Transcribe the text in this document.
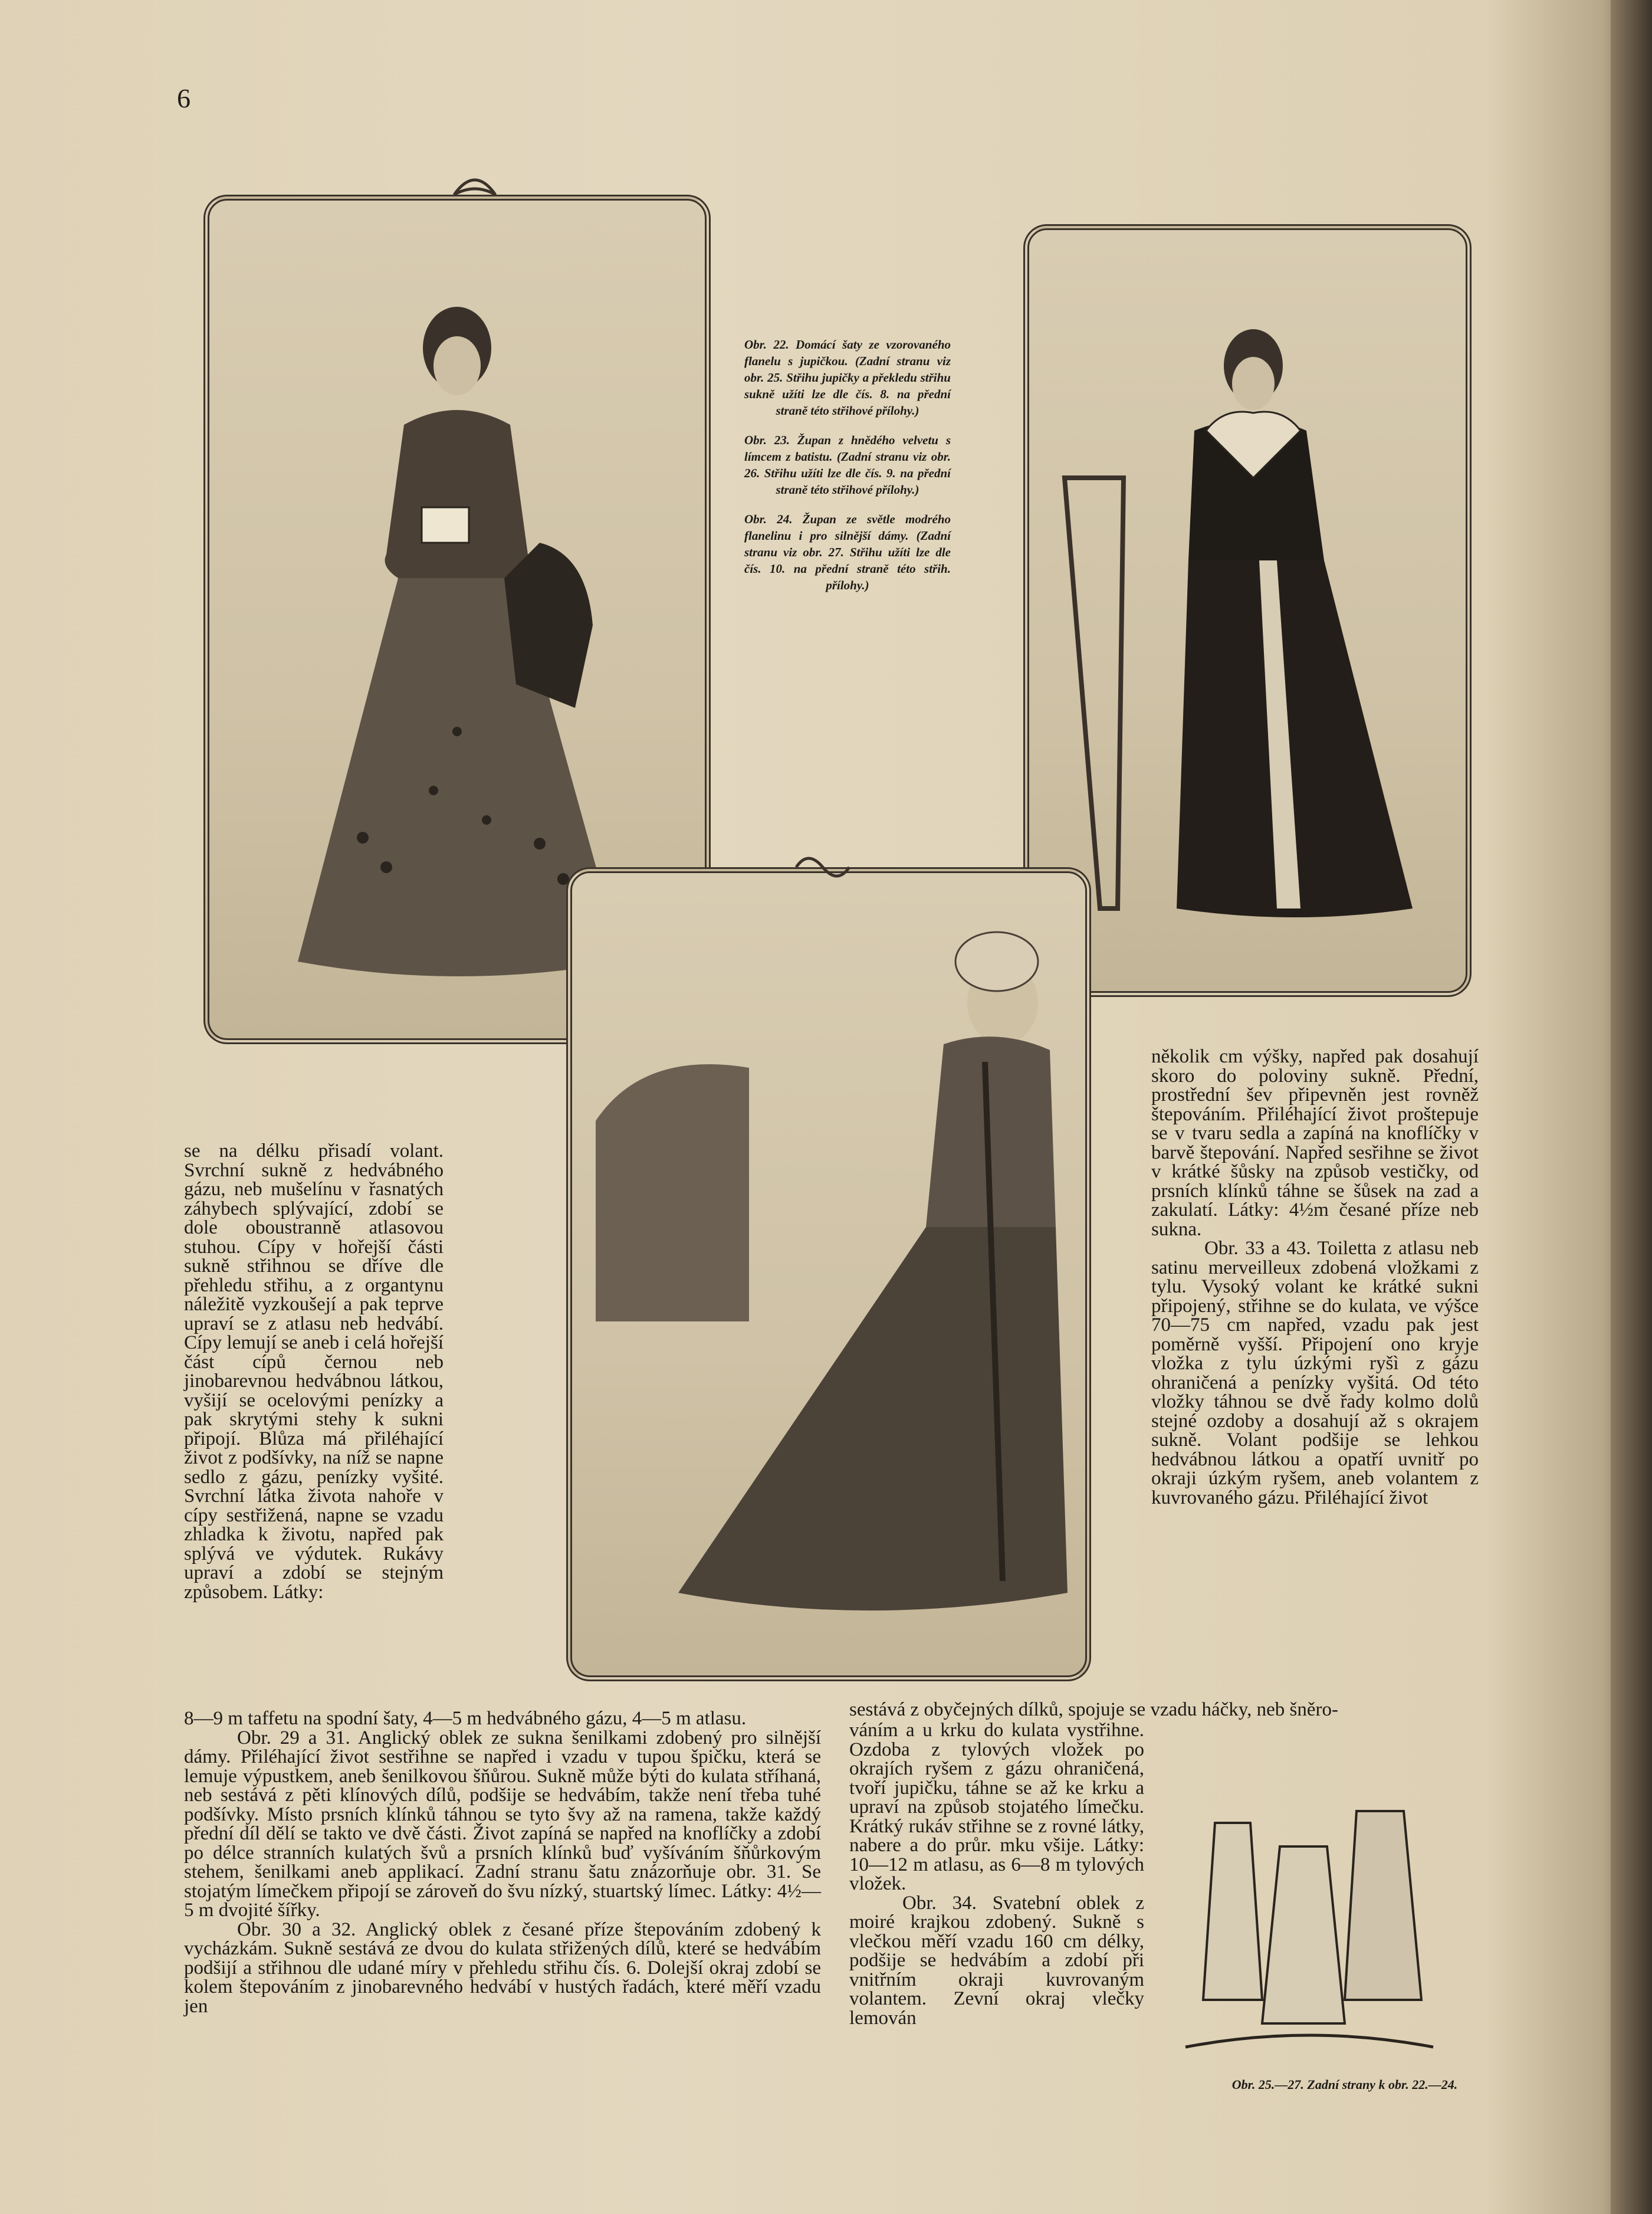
6

Obr. 22. Domácí šaty ze vzorovaného flanelu s jupičkou. (Zadní stranu viz obr. 25. Střihu jupičky a překledu střihu sukně užíti lze dle čís. 8. na přední straně této střihové přílohy.)

Obr. 23. Župan z hnědého velvetu s límcem z batistu. (Zadní stranu viz obr. 26. Střihu užíti lze dle čís. 9. na přední straně této střihové přílohy.)

Obr. 24. Župan ze světle modrého flanelinu i pro silnější dámy. (Zadní stranu viz obr. 27. Střihu užíti lze dle čís. 10. na přední straně této střih. přílohy.)

se na délku přisadí volant. Svrchní sukně z hedvábného gázu, neb mušelínu v řasnatých záhybech splývající, zdobí se dole oboustranně atlasovou stuhou. Cípy v hořejší části sukně střihnou se dříve dle přehledu střihu, a z organtynu náležitě vyzkoušejí a pak teprve upraví se z atlasu neb hedvábí. Cípy lemují se aneb i celá hořejší část cípů černou neb jinobarevnou hedvábnou látkou, vyšijí se ocelovými penízky a pak skrytými stehy k sukni připojí. Blůza má přiléhající život z podšívky, na níž se napne sedlo z gázu, penízky vyšité. Svrchní látka života nahoře v cípy sestřižená, napne se vzadu zhladka k životu, napřed pak splývá ve výdutek. Rukávy upraví a zdobí se stejným způsobem. Látky:

8—9 m taffetu na spodní šaty, 4—5 m hedvábného gázu, 4—5 m atlasu.

Obr. 29 a 31. Anglický oblek ze sukna šenilkami zdobený pro silnější dámy. Přiléhající život sestřihne se napřed i vzadu v tupou špičku, která se lemuje výpustkem, aneb šenilkovou šňůrou. Sukně může býti do kulata stříhaná, neb sestává z pěti klínových dílů, podšije se hedvábím, takže není třeba tuhé podšívky. Místo prsních klínků táhnou se tyto švy až na ramena, takže každý přední díl dělí se takto ve dvě části. Život zapíná se napřed na knoflíčky a zdobí po délce stranních kulatých švů a prsních klínků buď vyšíváním šňůrkovým stehem, šenilkami aneb applikací. Zadní stranu šatu znázorňuje obr. 31. Se stojatým límečkem připojí se zároveň do švu nízký, stuartský límec. Látky: 4½—5 m dvojité šířky.

Obr. 30 a 32. Anglický oblek z česané příze štepováním zdobený k vycházkám. Sukně sestává ze dvou do kulata střižených dílů, které se hedvábím podšijí a střihnou dle udané míry v přehledu střihu čís. 6. Dolejší okraj zdobí se kolem štepováním z jinobarevného hedvábí v hustých řadách, které měří vzadu jen

několik cm výšky, napřed pak dosahují skoro do poloviny sukně. Přední, prostřední šev připevněn jest rovněž štepováním. Přiléhající život proštepuje se v tvaru sedla a zapíná na knoflíčky v barvě štepování. Napřed sesřihne se život v krátké šůsky na způsob vestičky, od prsních klínků táhne se šůsek na zad a zakulatí. Látky: 4½m česané příze neb sukna.

Obr. 33 a 43. Toiletta z atlasu neb satinu merveilleux zdobená vložkami z tylu. Vysoký volant ke krátké sukni připojený, střihne se do kulata, ve výšce 70—75 cm napřed, vzadu pak jest poměrně vyšší. Připojení ono kryje vložka z tylu úzkými ryšì z gázu ohraničená a penízky vyšitá. Od této vložky táhnou se dvě řady kolmo dolů stejné ozdoby a dosahují až s okrajem sukně. Volant podšije se lehkou hedvábnou látkou a opatří uvnitř po okraji úzkým ryšem, aneb volantem z kuvrovaného gázu. Přiléhající život

sestává z obyčejných dílků, spojuje se vzadu háčky, neb šněro-

váním a u krku do kulata vystřihne. Ozdoba z tylových vložek po okrajích ryšem z gázu ohraničená, tvoří jupičku, táhne se až ke krku a upraví na způsob stojatého límečku. Krátký rukáv střihne se z rovné látky, nabere a do průr. mku všije. Látky: 10—12 m atlasu, as 6—8 m tylových vložek.

Obr. 34. Svatební oblek z moiré krajkou zdobený. Sukně s vlečkou měří vzadu 160 cm délky, podšije se hedvábím a zdobí při vnitřním okraji kuvrovaným volantem. Zevní okraj vlečky lemován

Obr. 25.—27. Zadní strany k obr. 22.—24.
